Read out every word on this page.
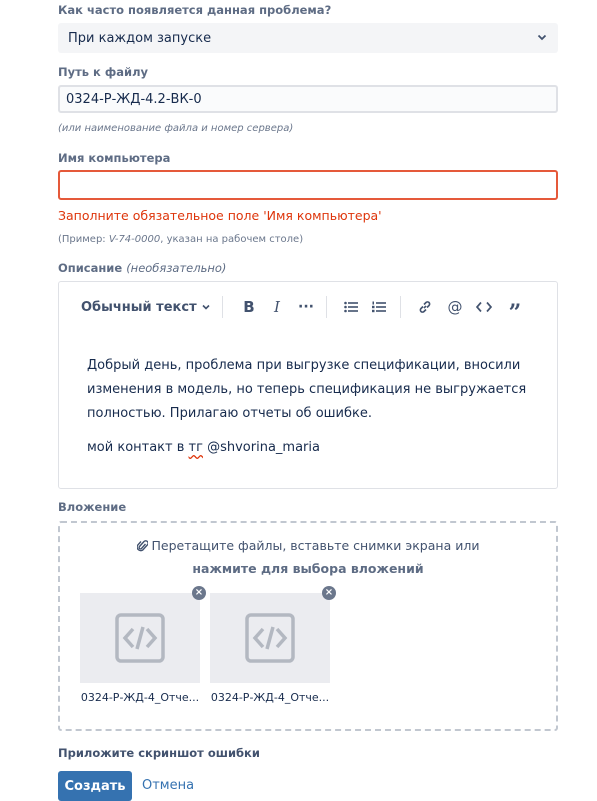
Как часто появляется данная проблема?
При каждом запуске
Путь к файлу
0324-Р-ЖД-4.2-ВК-0
(или наименование файла и номер сервера)
Имя компьютера
Заполните обязательное поле 'Имя компьютера'
(Пример: V-74-0000, указан на рабочем столе)
Описание (необязательно)
Обычный текст	B	I	···	@ ”

Добрый день, проблема при выгрузке спецификации, вносили изменения в модель, но теперь спецификация не выгружается полностью. Прилагаю отчеты об ошибке.

мой контакт в тг @shvorina_maria

Вложение
Перетащите файлы, вставьте снимки экрана или
нажмите для выбора вложений
×
0324-Р-ЖД-4_Отче...
×
0324-Р-ЖД-4_Отче...
Приложите скриншот ошибки
Создать	Отмена
